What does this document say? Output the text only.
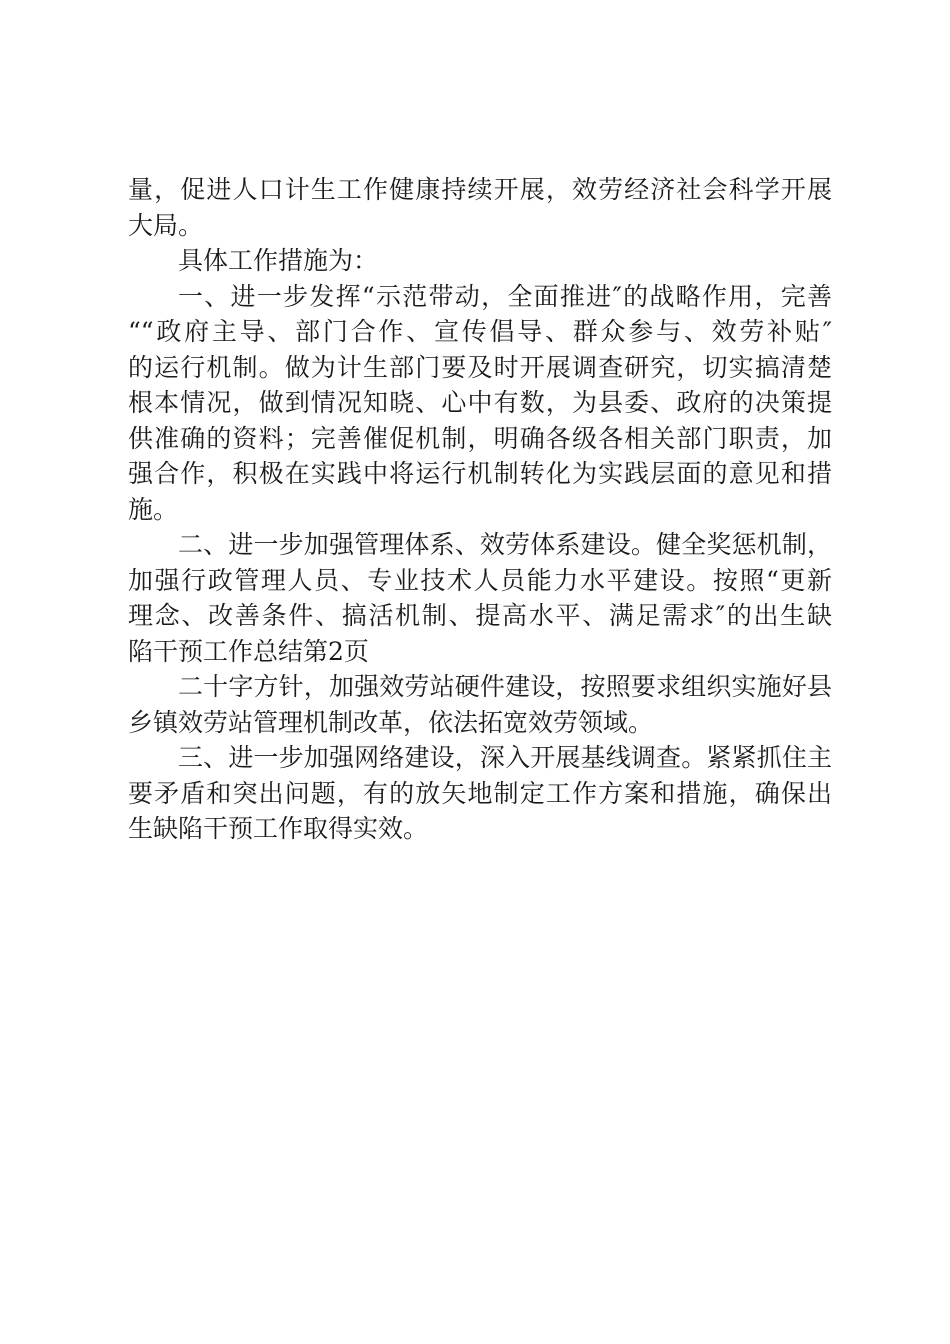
量，促进人口计生工作健康持续开展，效劳经济社会科学开展
大局。
具体工作措施为：
一、进一步发挥“示范带动，全面推进″的战略作用，完善
““政府主导、部门合作、宣传倡导、群众参与、效劳补贴″
的运行机制。做为计生部门要及时开展调查研究，切实搞清楚
根本情况，做到情况知晓、心中有数，为县委、政府的决策提
供准确的资料；完善催促机制，明确各级各相关部门职责，加
强合作，积极在实践中将运行机制转化为实践层面的意见和措
施。
二、进一步加强管理体系、效劳体系建设。健全奖惩机制，
加强行政管理人员、专业技术人员能力水平建设。按照“更新
理念、改善条件、搞活机制、提高水平、满足需求″的出生缺
陷干预工作总结第2页
二十字方针，加强效劳站硬件建设，按照要求组织实施好县
乡镇效劳站管理机制改革，依法拓宽效劳领域。
三、进一步加强网络建设，深入开展基线调查。紧紧抓住主
要矛盾和突出问题，有的放矢地制定工作方案和措施，确保出
生缺陷干预工作取得实效。
